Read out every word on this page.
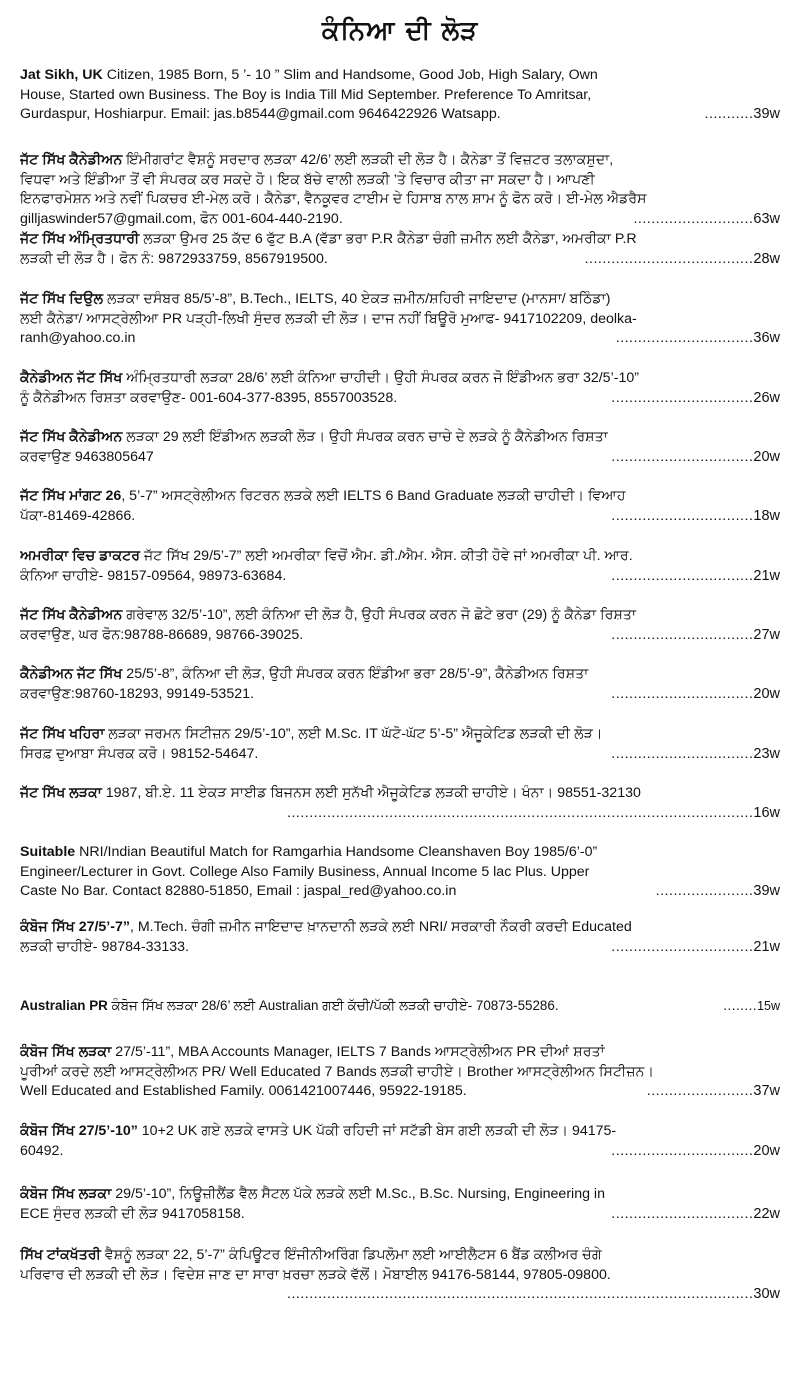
ਕੰਨਿਆ ਦੀ ਲੋੜ
Jat Sikh, UK Citizen, 1985 Born, 5 ’- 10 ” Slim and Handsome, Good Job, High Salary, Own
House, Started own Business. The Boy is India Till Mid September. Preference To Amritsar,
Gurdaspur, Hoshiarpur. Email: jas.b8544@gmail.com 9646422926 Watsapp.	........... 39w
ਜੱਟ ਸਿੱਖ ਕੈਨੇਡੀਅਨ ਇੰਮੀਗਰਾਂਟ ਵੈਸ਼ਨੂੰ ਸਰਦਾਰ ਲੜਕਾ 42/6’ ਲਈ ਲੜਕੀ ਦੀ ਲੋੜ ਹੈ। ਕੈਨੇਡਾ ਤੋਂ ਵਿਜ਼ਟਰ ਤਲਾਕਸ਼ੁਦਾ,
ਵਿਧਵਾ ਅਤੇ ਇੰਡੀਆ ਤੋਂ ਵੀ ਸੰਪਰਕ ਕਰ ਸਕਦੇ ਹੋ। ਇਕ ਬੱਚੇ ਵਾਲੀ ਲੜਕੀ ’ਤੇ ਵਿਚਾਰ ਕੀਤਾ ਜਾ ਸਕਦਾ ਹੈ। ਆਪਣੀ
ਇਨਫਾਰਮੇਸ਼ਨ ਅਤੇ ਨਵੀਂ ਪਿਕਚਰ ਈ-ਮੇਲ ਕਰੋ। ਕੈਨੇਡਾ, ਵੈਨਕੂਵਰ ਟਾਈਮ ਦੇ ਹਿਸਾਬ ਨਾਲ ਸ਼ਾਮ ਨੂੰ ਫੋਨ ਕਰੋ। ਈ-ਮੇਲ ਐਡਰੈਸ
gilljaswinder57@gmail.com, ਫੋਨ 001-604-440-2190.	........................... 63w
ਜੱਟ ਸਿੱਖ ਅੰਮ੍ਰਿਤਧਾਰੀ ਲੜਕਾ ਉਮਰ 25 ਕੱਦ 6 ਫੁੱਟ B.A (ਵੱਡਾ ਭਰਾ P.R ਕੈਨੇਡਾ ਚੰਗੀ ਜ਼ਮੀਨ ਲਈ ਕੈਨੇਡਾ, ਅਮਰੀਕਾ P.R
ਲੜਕੀ ਦੀ ਲੋੜ ਹੈ। ਫੋਨ ਨੰ: 9872933759, 8567919500.	...................................... 28w
ਜੱਟ ਸਿੱਖ ਦਿਉਲ ਲੜਕਾ ਦਸੰਬਰ 85/5’-8”, B.Tech., IELTS, 40 ਏਕੜ ਜ਼ਮੀਨ/ਸ਼ਹਿਰੀ ਜਾਇਦਾਦ (ਮਾਨਸਾ/ ਬਠਿੰਡਾ)
ਲਈ ਕੈਨੇਡਾ/ ਆਸਟ੍ਰੇਲੀਆ PR ਪੜ੍ਹੀ-ਲਿਖੀ ਸੁੰਦਰ ਲੜਕੀ ਦੀ ਲੋੜ। ਦਾਜ ਨਹੀਂ ਬਿਊਰੋ ਮੁਆਫ- 9417102209, deolka-
ranh@yahoo.co.in	............................... 36w
ਕੈਨੇਡੀਅਨ ਜੱਟ ਸਿੱਖ ਅੰਮ੍ਰਿਤਧਾਰੀ ਲੜਕਾ 28/6’ ਲਈ ਕੰਨਿਆ ਚਾਹੀਦੀ। ਉਹੀ ਸੰਪਰਕ ਕਰਨ ਜੋ ਇੰਡੀਅਨ ਭਰਾ 32/5’-10”
ਨੂੰ ਕੈਨੇਡੀਅਨ ਰਿਸ਼ਤਾ ਕਰਵਾਉਣ- 001-604-377-8395, 8557003528.	................................ 26w
ਜੱਟ ਸਿੱਖ ਕੈਨੇਡੀਅਨ ਲੜਕਾ 29 ਲਈ ਇੰਡੀਅਨ ਲੜਕੀ ਲੋੜ। ਉਹੀ ਸੰਪਰਕ ਕਰਨ ਚਾਚੇ ਦੇ ਲੜਕੇ ਨੂੰ ਕੈਨੇਡੀਅਨ ਰਿਸ਼ਤਾ
ਕਰਵਾਉਣ 9463805647	................................ 20w
ਜੱਟ ਸਿੱਖ ਮਾਂਗਟ 26, 5’-7” ਅਸਟ੍ਰੇਲੀਅਨ ਰਿਟਰਨ ਲੜਕੇ ਲਈ IELTS 6 Band Graduate ਲੜਕੀ ਚਾਹੀਦੀ। ਵਿਆਹ
ਪੱਕਾ-81469-42866.	................................ 18w
ਅਮਰੀਕਾ ਵਿਚ ਡਾਕਟਰ ਜੱਟ ਸਿੱਖ 29/5’-7” ਲਈ ਅਮਰੀਕਾ ਵਿਚੋਂ ਐਮ. ਡੀ./ਐਮ. ਐਸ. ਕੀਤੀ ਹੋਵੇ ਜਾਂ ਅਮਰੀਕਾ ਪੀ. ਆਰ.
ਕੰਨਿਆ ਚਾਹੀਏ- 98157-09564, 98973-63684.	................................ 21w
ਜੱਟ ਸਿੱਖ ਕੈਨੇਡੀਅਨ ਗਰੇਵਾਲ 32/5’-10”, ਲਈ ਕੰਨਿਆ ਦੀ ਲੋੜ ਹੈ, ਉਹੀ ਸੰਪਰਕ ਕਰਨ ਜੋ ਛੋਟੇ ਭਰਾ (29) ਨੂੰ ਕੈਨੇਡਾ ਰਿਸ਼ਤਾ
ਕਰਵਾਉਣ, ਘਰ ਫੋਨ:98788-86689, 98766-39025.	................................ 27w
ਕੈਨੇਡੀਅਨ ਜੱਟ ਸਿੱਖ 25/5’-8”, ਕੰਨਿਆ ਦੀ ਲੋੜ, ਉਹੀ ਸੰਪਰਕ ਕਰਨ ਇੰਡੀਆ ਭਰਾ 28/5’-9”, ਕੈਨੇਡੀਅਨ ਰਿਸ਼ਤਾ
ਕਰਵਾਉਣ:98760-18293, 99149-53521.	................................ 20w
ਜੱਟ ਸਿੱਖ ਖਹਿਰਾ ਲੜਕਾ ਜਰਮਨ ਸਿਟੀਜ਼ਨ 29/5’-10”, ਲਈ M.Sc. IT ਘੱਟੋ-ਘੱਟ 5’-5” ਐਜੂਕੇਟਿਡ ਲੜਕੀ ਦੀ ਲੋੜ।
ਸਿਰਫ਼ ਦੁਆਬਾ ਸੰਪਰਕ ਕਰੋ। 98152-54647.	................................ 23w
ਜੱਟ ਸਿੱਖ ਲੜਕਾ 1987, ਬੀ.ਏ. 11 ਏਕੜ ਸਾਈਡ ਬਿਜਨਸ ਲਈ ਸੁਨੱਖੀ ਐਜੂਕੇਟਿਡ ਲੜਕੀ ਚਾਹੀਏ। ਖੰਨਾ। 98551-32130
......................................................................................................... 16w
Suitable NRI/Indian Beautiful Match for Ramgarhia Handsome Cleanshaven Boy 1985/6’-0”
Engineer/Lecturer in Govt. College Also Family Business, Annual Income 5 lac Plus. Upper
Caste No Bar. Contact 82880-51850, Email : jaspal_red@yahoo.co.in	...................... 39w
ਕੰਬੋਜ ਸਿੱਖ 27/5’-7”, M.Tech. ਚੰਗੀ ਜ਼ਮੀਨ ਜਾਇਦਾਦ ਖ਼ਾਨਦਾਨੀ ਲੜਕੇ ਲਈ NRI/ ਸਰਕਾਰੀ ਨੌਕਰੀ ਕਰਦੀ Educated
ਲੜਕੀ ਚਾਹੀਏ- 98784-33133.	................................ 21w
Australian PR ਕੰਬੋਜ ਸਿੱਖ ਲੜਕਾ 28/6’ ਲਈ Australian ਗਈ ਕੱਚੀ/ਪੱਕੀ ਲੜਕੀ ਚਾਹੀਏ- 70873-55286.	........ 15w
ਕੰਬੋਜ ਸਿੱਖ ਲੜਕਾ 27/5’-11”, MBA Accounts Manager, IELTS 7 Bands ਆਸਟ੍ਰੇਲੀਅਨ PR ਦੀਆਂ ਸ਼ਰਤਾਂ
ਪੂਰੀਆਂ ਕਰਦੇ ਲਈ ਆਸਟ੍ਰੇਲੀਅਨ PR/ Well Educated 7 Bands ਲੜਕੀ ਚਾਹੀਏ। Brother ਆਸਟ੍ਰੇਲੀਅਨ ਸਿਟੀਜ਼ਨ।
Well Educated and Established Family. 0061421007446, 95922-19185.	........................ 37w
ਕੰਬੋਜ ਸਿੱਖ 27/5’-10” 10+2 UK ਗਏ ਲੜਕੇ ਵਾਸਤੇ UK ਪੱਕੀ ਰਹਿਦੀ ਜਾਂ ਸਟੱਡੀ ਬੇਸ ਗਈ ਲੜਕੀ ਦੀ ਲੋੜ। 94175-
60492.	................................ 20w
ਕੰਬੋਜ ਸਿੱਖ ਲੜਕਾ 29/5’-10”, ਨਿਊਜ਼ੀਲੈਂਡ ਵੈਲ ਸੈਟਲ ਪੱਕੇ ਲੜਕੇ ਲਈ M.Sc., B.Sc. Nursing, Engineering in
ECE ਸੁੰਦਰ ਲੜਕੀ ਦੀ ਲੋੜ 9417058158.	................................ 22w
ਸਿੱਖ ਟਾਂਕਖੱਤਰੀ ਵੈਸ਼ਨੂੰ ਲੜਕਾ 22, 5’-7” ਕੰਪਿਊਟਰ ਇੰਜੀਨੀਅਰਿੰਗ ਡਿਪਲੋਮਾ ਲਈ ਆਈਲੈਟਸ 6 ਬੈਂਡ ਕਲੀਅਰ ਚੰਗੇ
ਪਰਿਵਾਰ ਦੀ ਲੜਕੀ ਦੀ ਲੋੜ। ਵਿਦੇਸ਼ ਜਾਣ ਦਾ ਸਾਰਾ ਖ਼ਰਚਾ ਲੜਕੇ ਵੱਲੋਂ। ਮੋਬਾਈਲ 94176-58144, 97805-09800.
......................................................................................................... 30w
